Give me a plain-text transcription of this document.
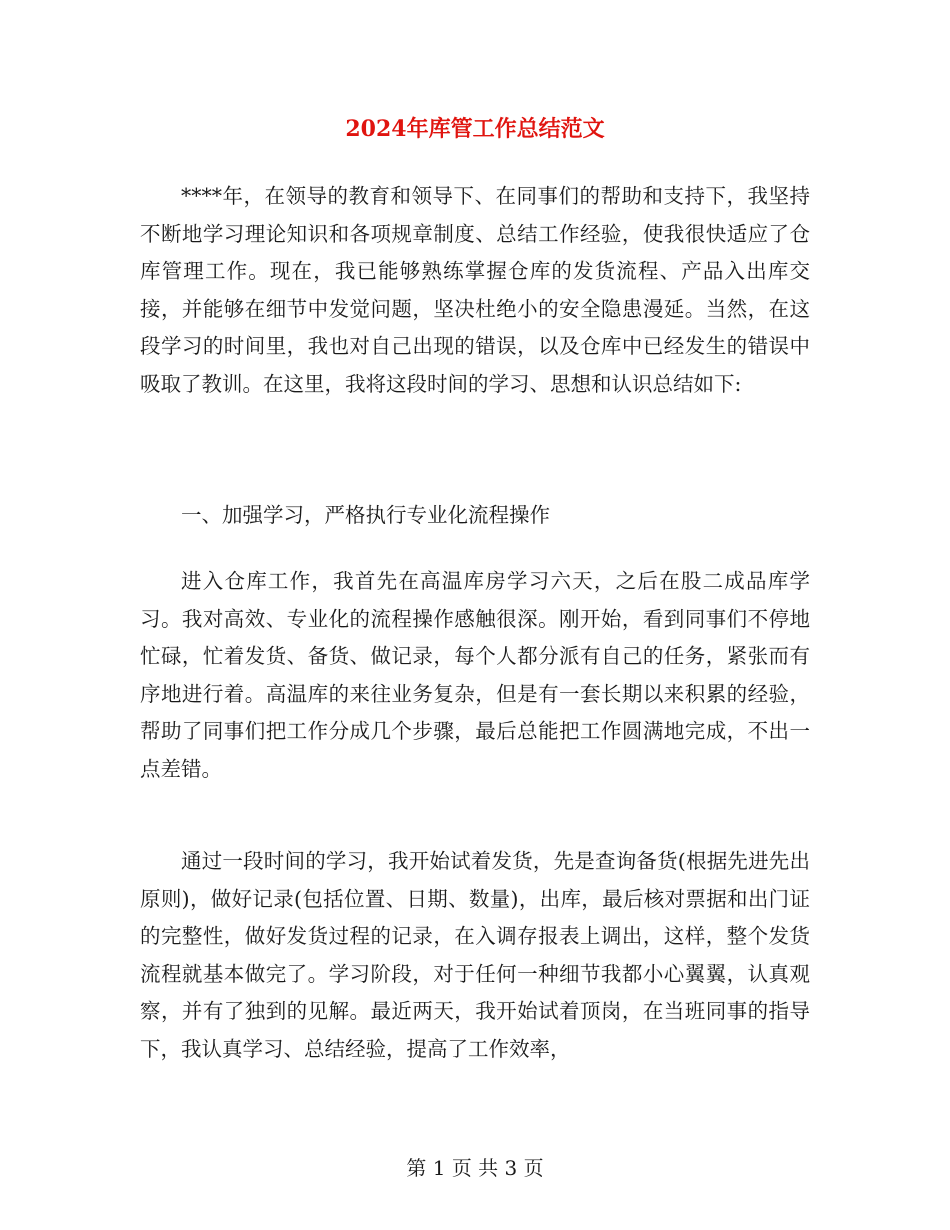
2024年库管工作总结范文

****年，在领导的教育和领导下、在同事们的帮助和支持下，我坚持不断地学习理论知识和各项规章制度、总结工作经验，使我很快适应了仓库管理工作。现在，我已能够熟练掌握仓库的发货流程、产品入出库交接，并能够在细节中发觉问题，坚决杜绝小的安全隐患漫延。当然，在这段学习的时间里，我也对自己出现的错误，以及仓库中已经发生的错误中吸取了教训。在这里，我将这段时间的学习、思想和认识总结如下:

一、加强学习，严格执行专业化流程操作

进入仓库工作，我首先在高温库房学习六天，之后在股二成品库学习。我对高效、专业化的流程操作感触很深。刚开始，看到同事们不停地忙碌，忙着发货、备货、做记录，每个人都分派有自己的任务，紧张而有序地进行着。高温库的来往业务复杂，但是有一套长期以来积累的经验，帮助了同事们把工作分成几个步骤，最后总能把工作圆满地完成，不出一点差错。

通过一段时间的学习，我开始试着发货，先是查询备货(根据先进先出原则)，做好记录(包括位置、日期、数量)，出库，最后核对票据和出门证的完整性，做好发货过程的记录，在入调存报表上调出，这样，整个发货流程就基本做完了。学习阶段，对于任何一种细节我都小心翼翼，认真观察，并有了独到的见解。最近两天，我开始试着顶岗，在当班同事的指导下，我认真学习、总结经验，提高了工作效率，

第 1 页 共 3 页
